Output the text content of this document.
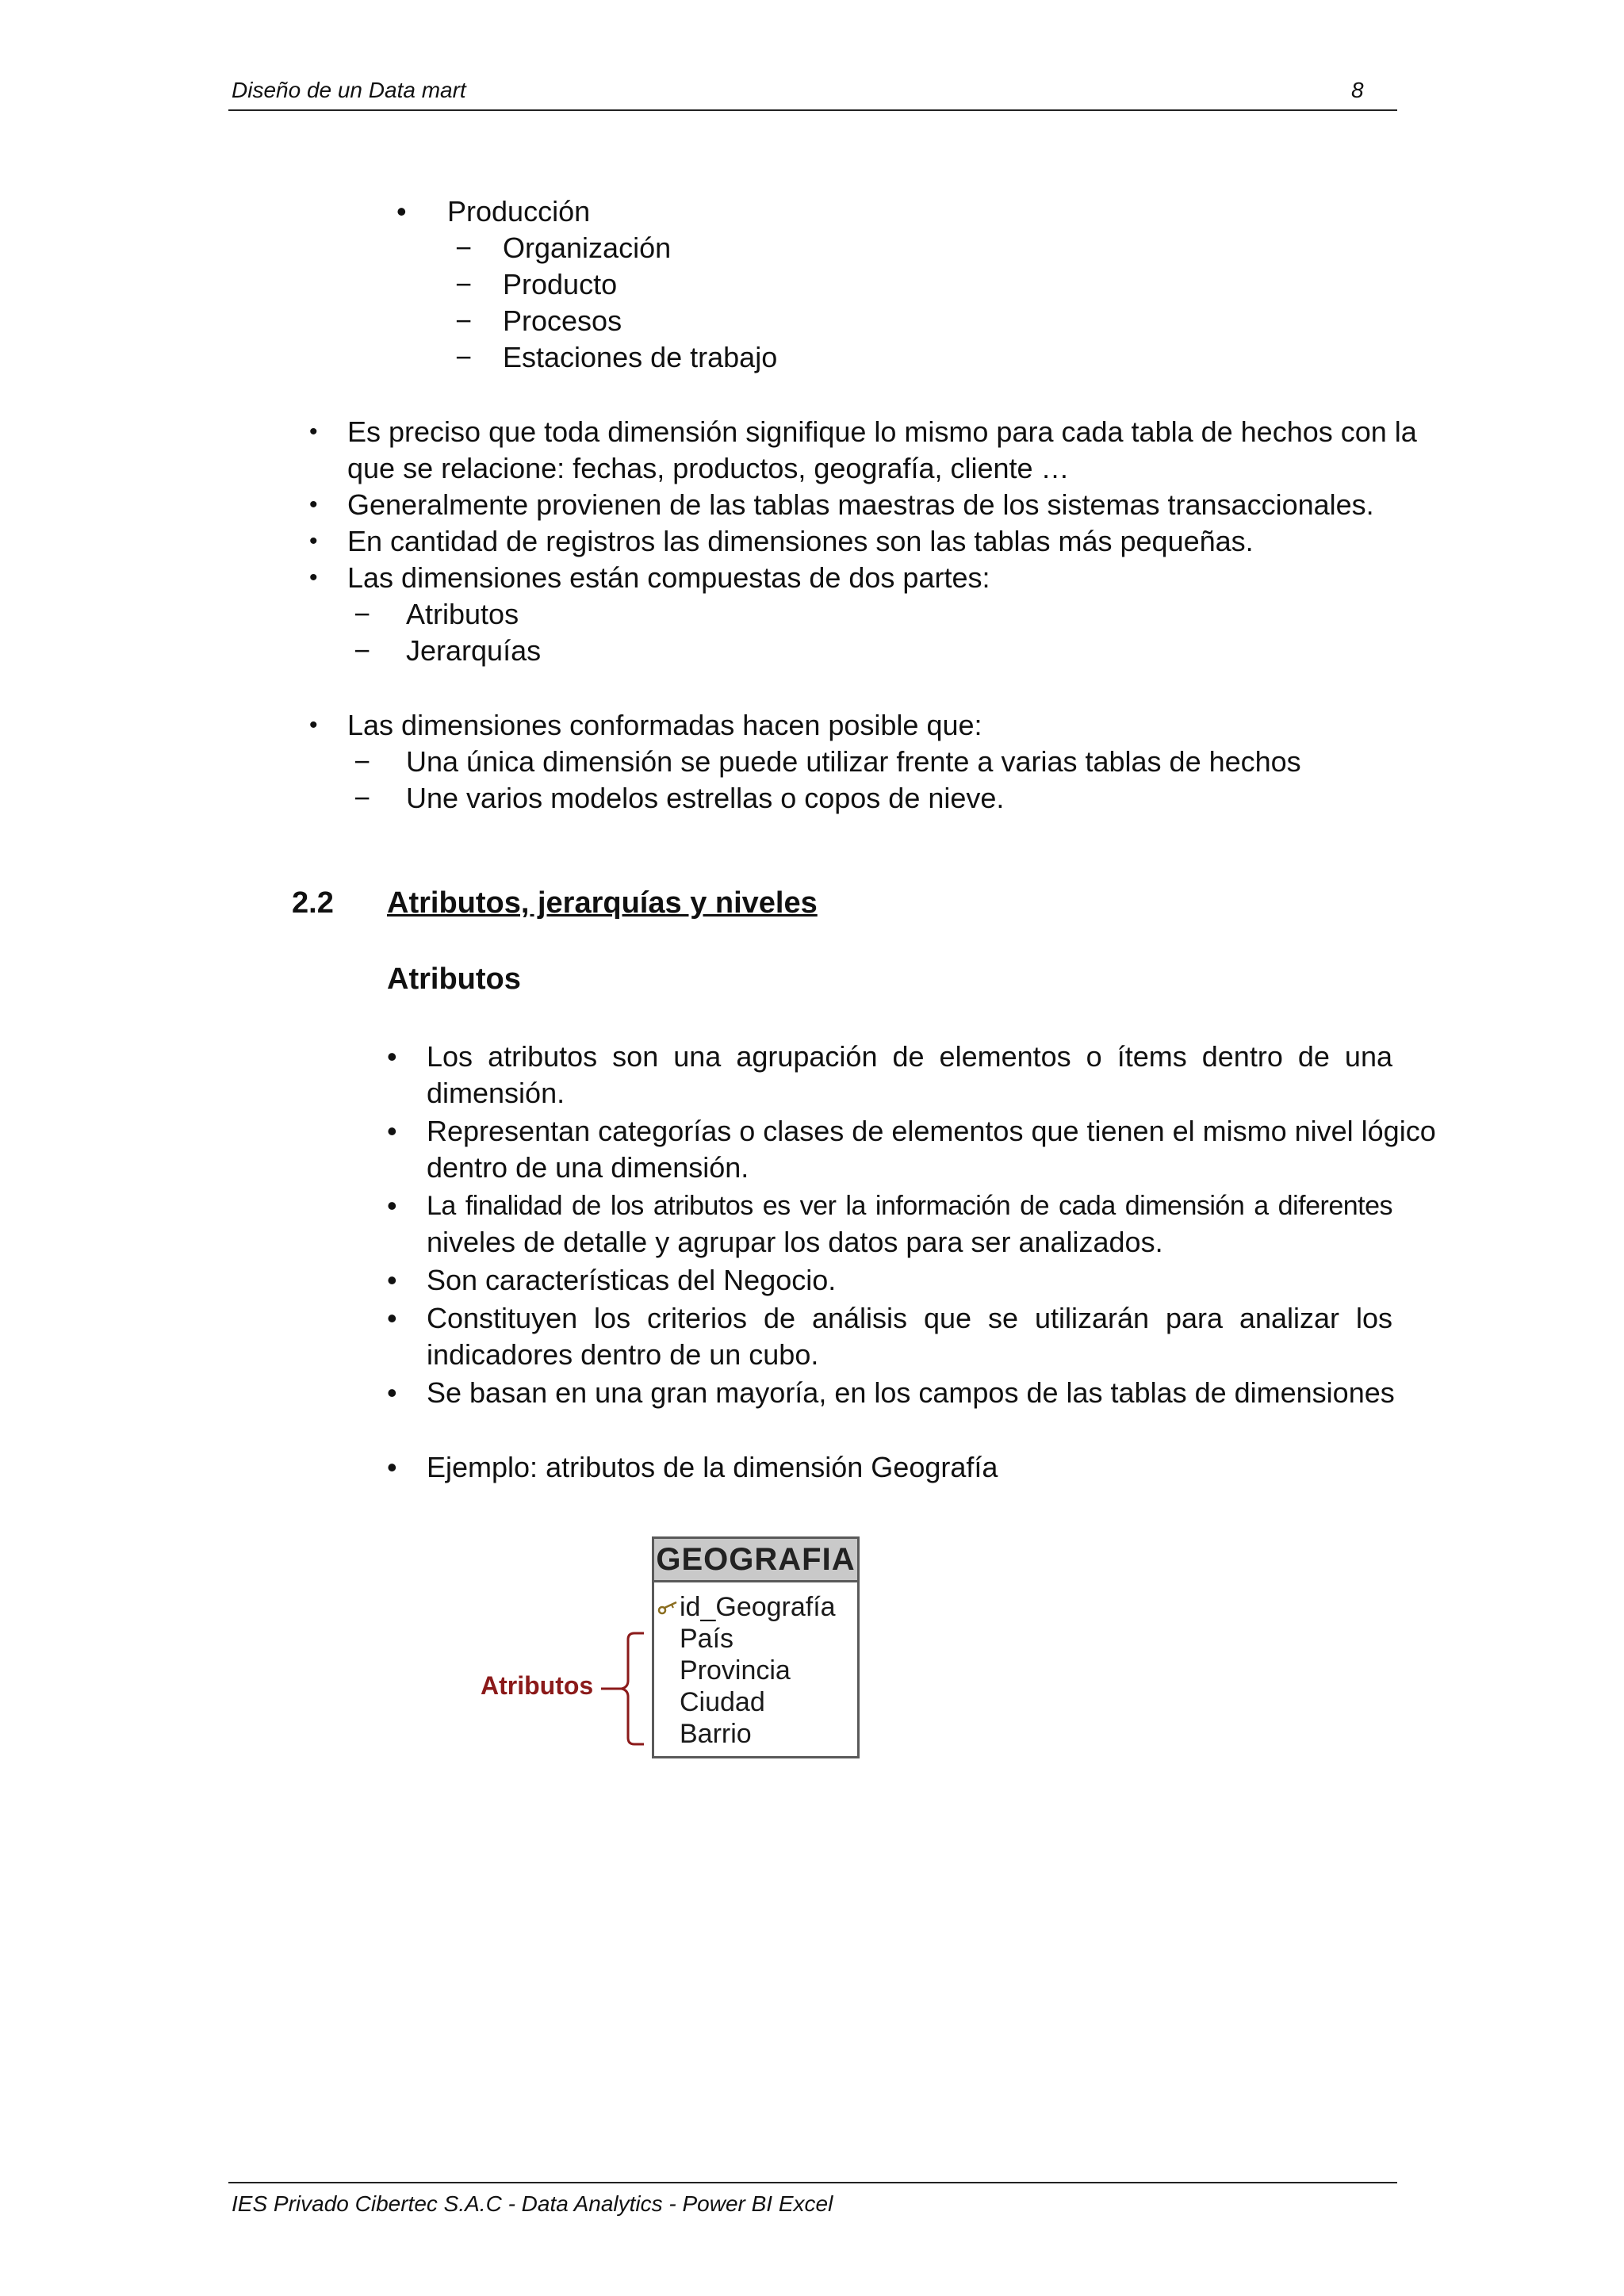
Diseño de un Data mart	8
• Producción
− Organización
− Producto
− Procesos
− Estaciones de trabajo
• Es preciso que toda dimensión signifique lo mismo para cada tabla de hechos con la
que se relacione: fechas, productos, geografía, cliente …
• Generalmente provienen de las tablas maestras de los sistemas transaccionales.
• En cantidad de registros las dimensiones son las tablas más pequeñas.
• Las dimensiones están compuestas de dos partes:
− Atributos
− Jerarquías
• Las dimensiones conformadas hacen posible que:
− Una única dimensión se puede utilizar frente a varias tablas de hechos
− Une varios modelos estrellas o copos de nieve.
2.2 Atributos, jerarquías y niveles
Atributos
• Los atributos son una agrupación de elementos o ítems dentro de una
dimensión.
• Representan categorías o clases de elementos que tienen el mismo nivel lógico
dentro de una dimensión.
• La finalidad de los atributos es ver la información de cada dimensión a diferentes
niveles de detalle y agrupar los datos para ser analizados.
• Son características del Negocio.
• Constituyen los criterios de análisis que se utilizarán para analizar los
indicadores dentro de un cubo.
• Se basan en una gran mayoría, en los campos de las tablas de dimensiones
• Ejemplo: atributos de la dimensión Geografía
Atributos
GEOGRAFIA
id_Geografía
País
Provincia
Ciudad
Barrio
IES Privado Cibertec S.A.C - Data Analytics - Power BI Excel
